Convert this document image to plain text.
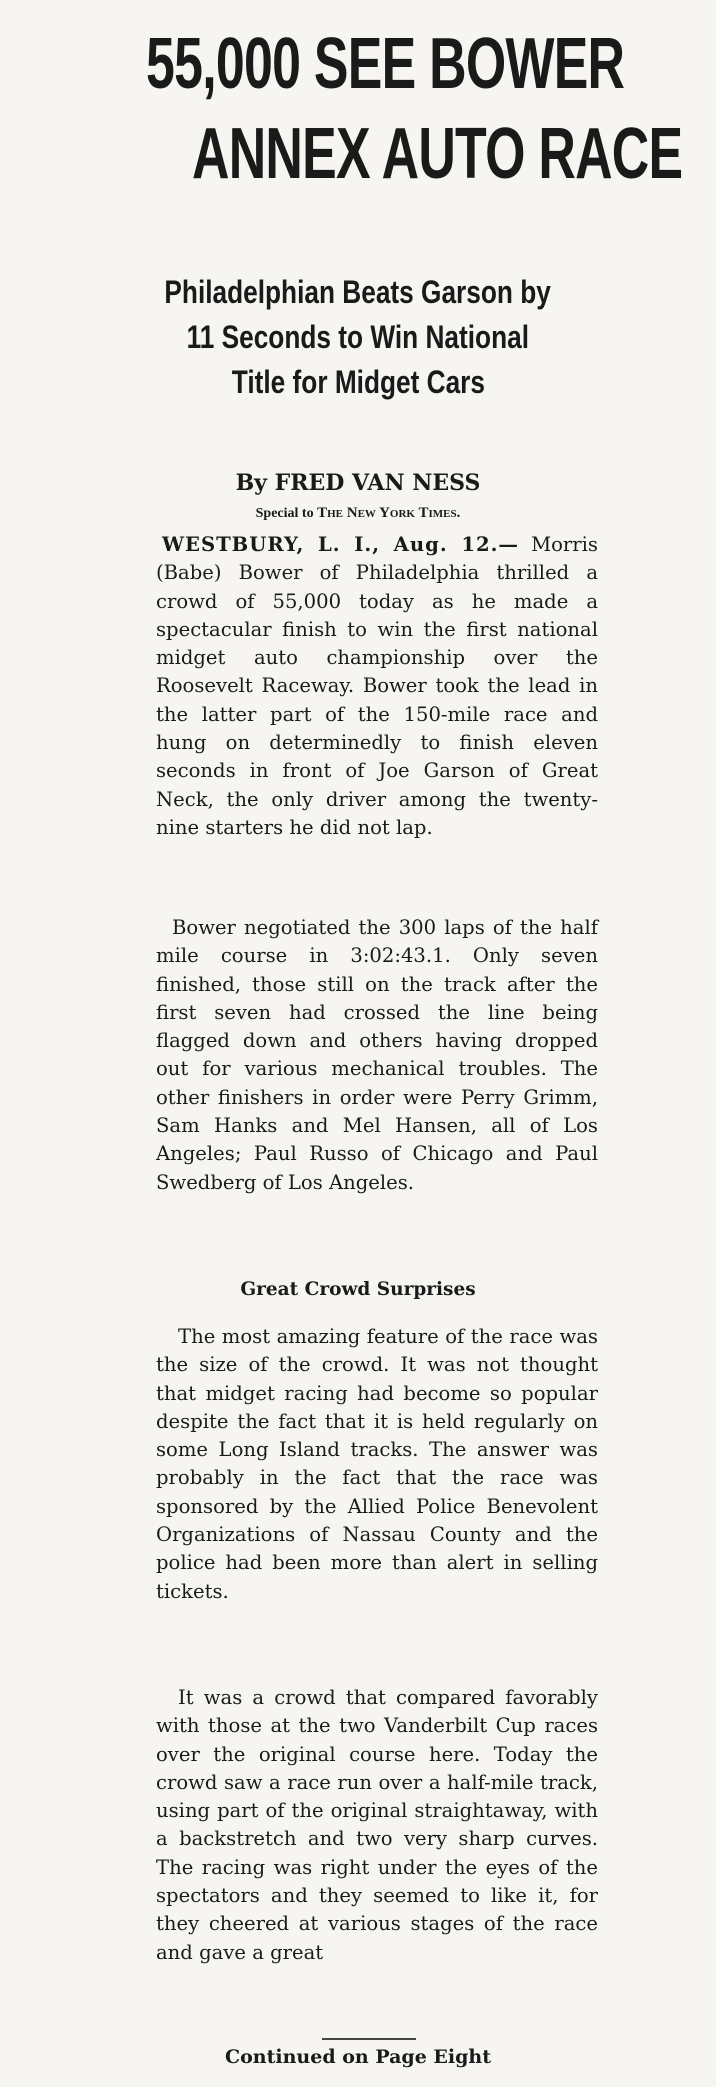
55,000 SEE BOWER
ANNEX AUTO RACE
Philadelphian Beats Garson by
11 Seconds to Win National
Title for Midget Cars
By FRED VAN NESS
Special to The New York Times.

WESTBURY, L. I., Aug. 12.— Morris (Babe) Bower of Philadelphia thrilled a crowd of 55,000 today as he made a spectacular finish to win the first national midget auto championship over the Roosevelt Raceway. Bower took the lead in the latter part of the 150-mile race and hung on determinedly to finish eleven seconds in front of Joe Garson of Great Neck, the only driver among the twenty-nine starters he did not lap.

Bower negotiated the 300 laps of the half mile course in 3:02:43.1. Only seven finished, those still on the track after the first seven had crossed the line being flagged down and others having dropped out for various mechanical troubles. The other finishers in order were Perry Grimm, Sam Hanks and Mel Hansen, all of Los Angeles; Paul Russo of Chicago and Paul Swedberg of Los Angeles.

Great Crowd Surprises

The most amazing feature of the race was the size of the crowd. It was not thought that midget racing had become so popular despite the fact that it is held regularly on some Long Island tracks. The answer was probably in the fact that the race was sponsored by the Allied Police Benevolent Organizations of Nassau County and the police had been more than alert in selling tickets.

It was a crowd that compared favorably with those at the two Vanderbilt Cup races over the original course here. Today the crowd saw a race run over a half-mile track, using part of the original straightaway, with a backstretch and two very sharp curves. The racing was right under the eyes of the spectators and they seemed to like it, for they cheered at various stages of the race and gave a great

Continued on Page Eight
